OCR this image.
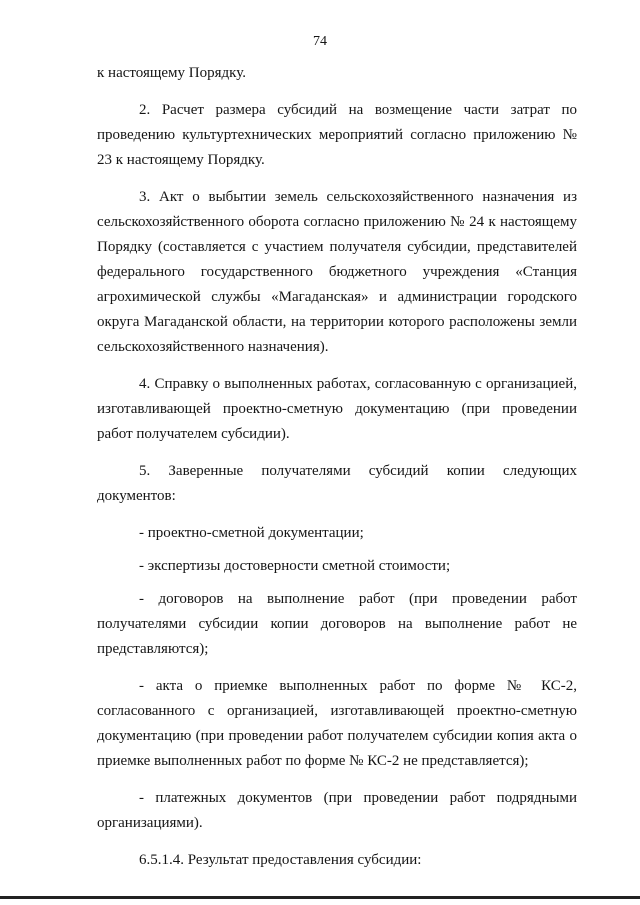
74

к настоящему Порядку.

2. Расчет размера субсидий на возмещение части затрат по проведению культуртехнических мероприятий согласно приложению № 23 к настоящему Порядку.

3. Акт о выбытии земель сельскохозяйственного назначения из сельскохозяйственного оборота согласно приложению № 24 к настоящему Порядку (составляется с участием получателя субсидии, представителей федерального государственного бюджетного учреждения «Станция агрохимической службы «Магаданская» и администрации городского округа Магаданской области, на территории которого расположены земли сельскохозяйственного назначения).

4. Справку о выполненных работах, согласованную с организацией, изготавливающей проектно-сметную документацию (при проведении работ получателем субсидии).

5. Заверенные получателями субсидий копии следующих документов:

- проектно-сметной документации;

- экспертизы достоверности сметной стоимости;

- договоров на выполнение работ (при проведении работ получателями субсидии копии договоров на выполнение работ не представляются);

- акта о приемке выполненных работ по форме № КС-2, согласованного с организацией, изготавливающей проектно-сметную документацию (при проведении работ получателем субсидии копия акта о приемке выполненных работ по форме № КС-2 не представляется);

- платежных документов (при проведении работ подрядными организациями).

6.5.1.4. Результат предоставления субсидии:
